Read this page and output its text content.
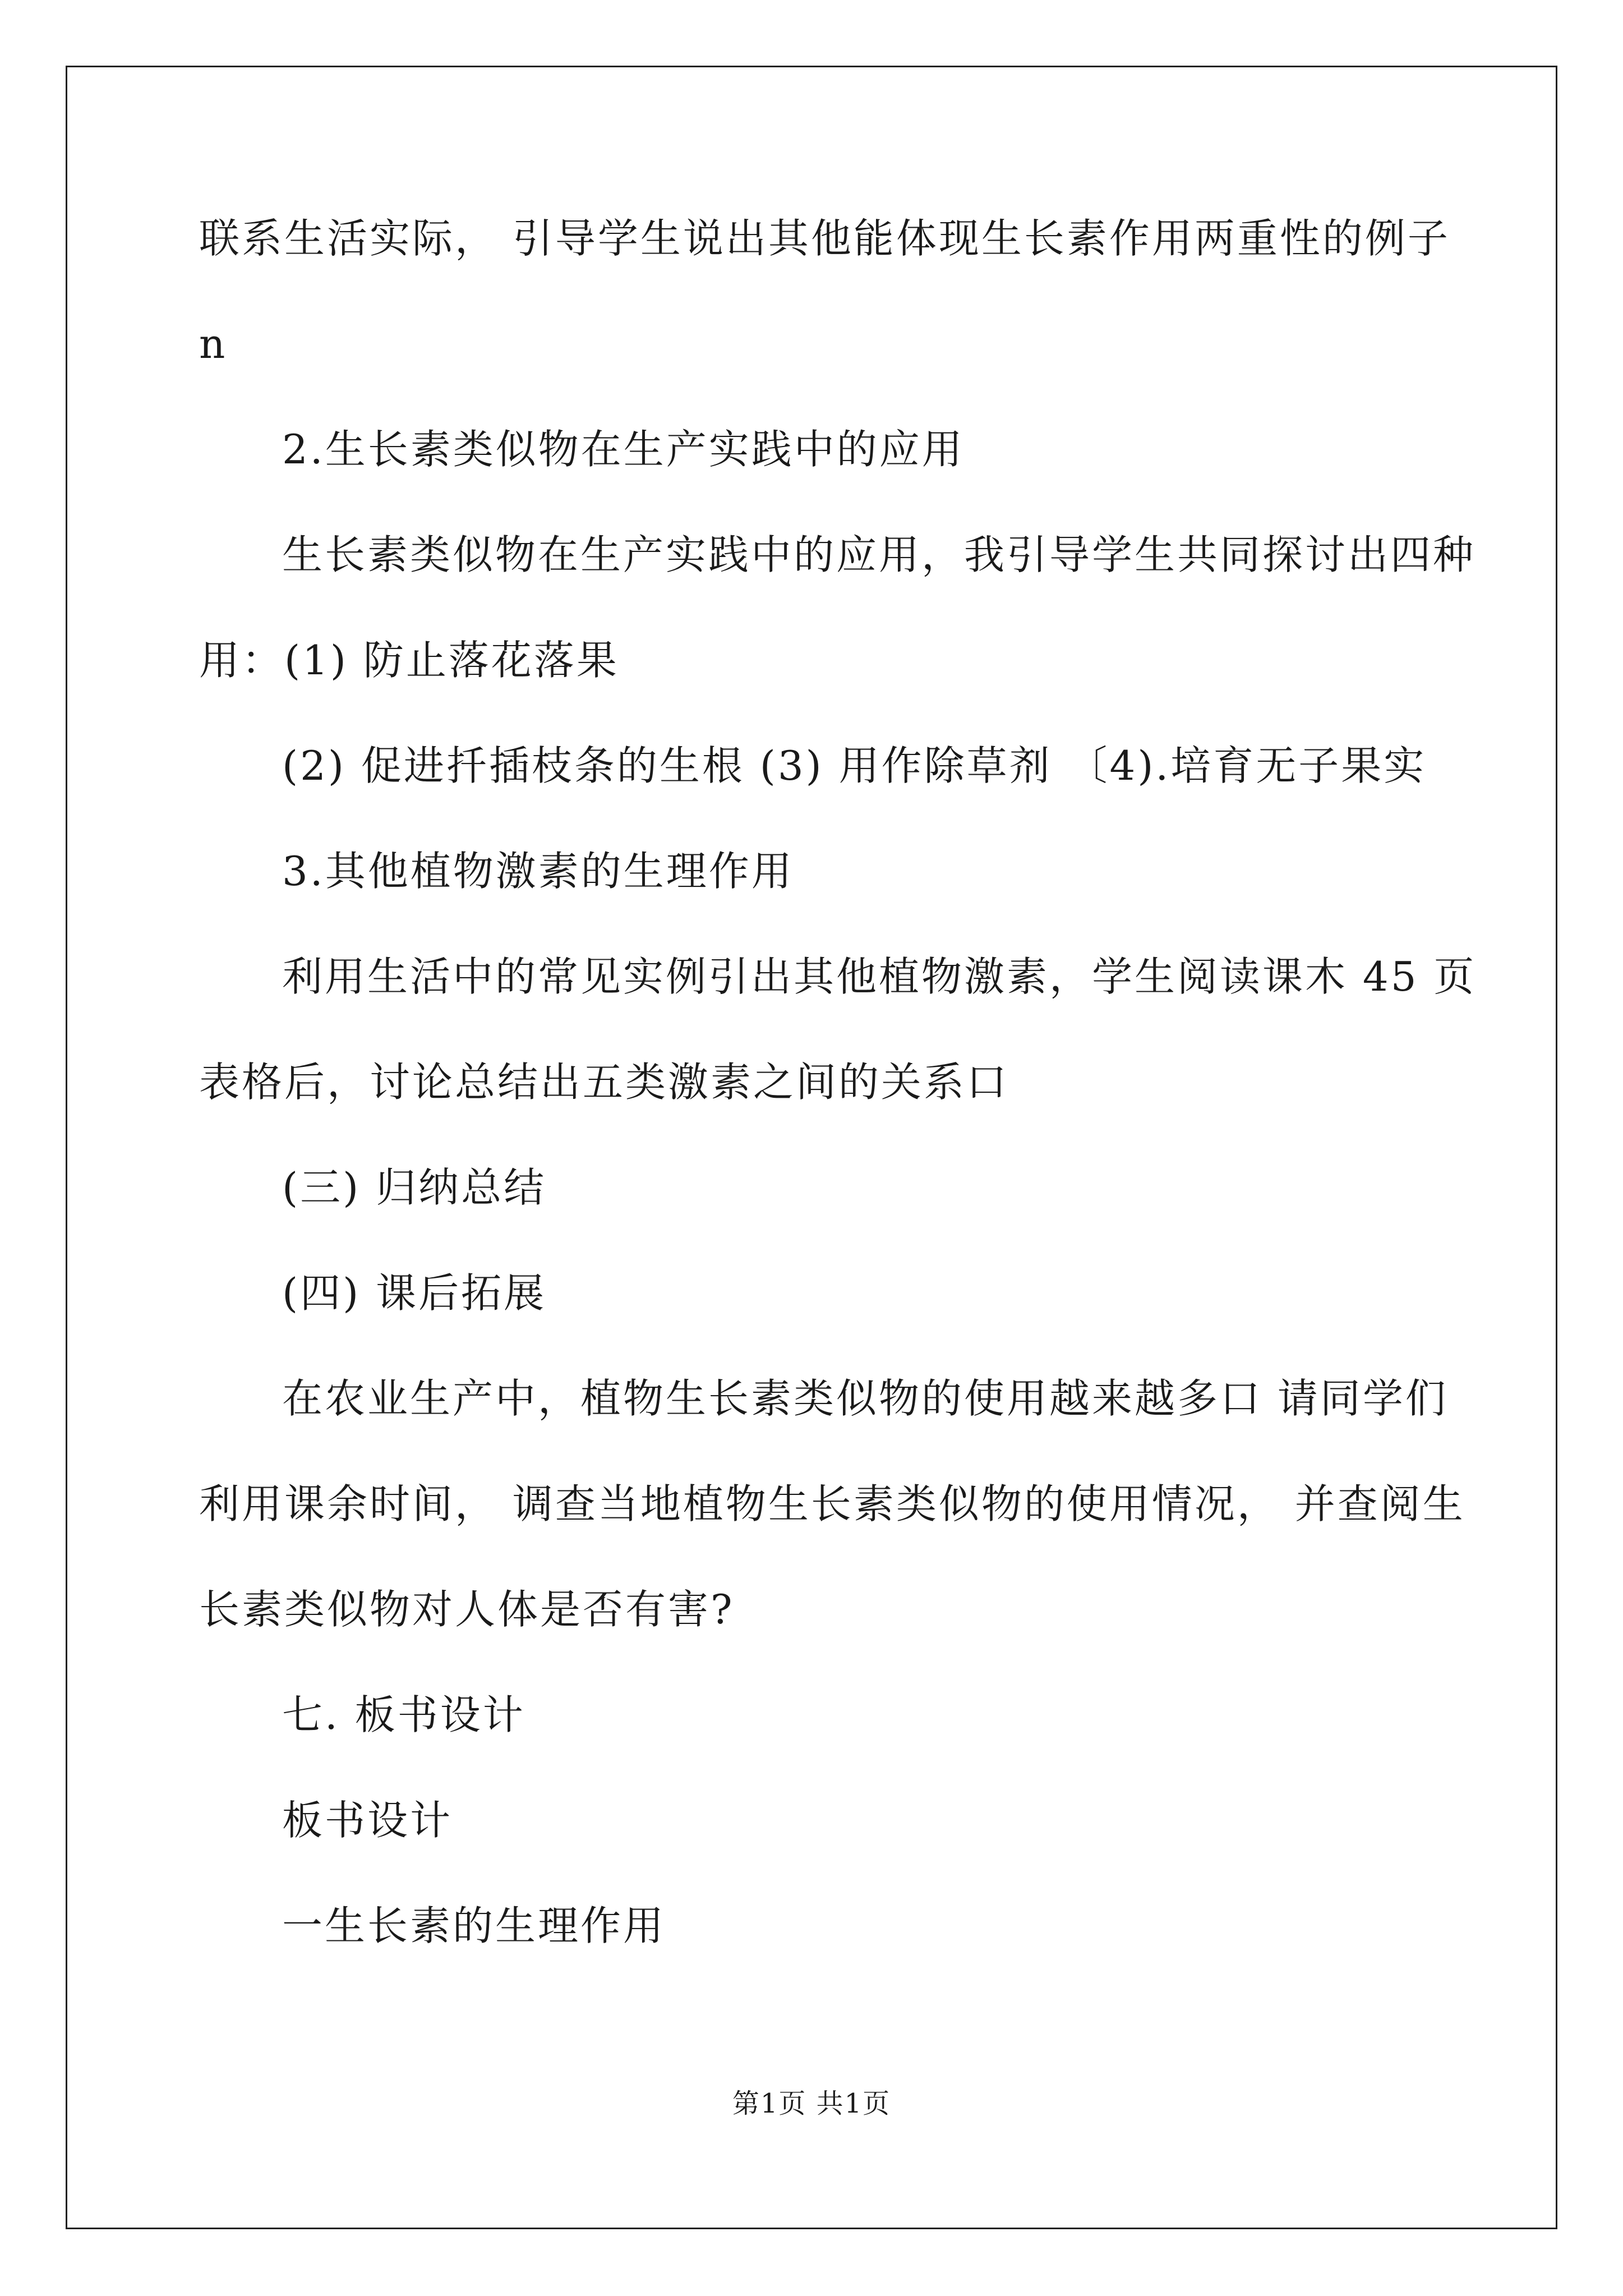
联系生活实际， 引导学生说出其他能体现生长素作用两重性的例子
n
2.生长素类似物在生产实践中的应用
生长素类似物在生产实践中的应用，我引导学生共同探讨出四种
用：(1) 防止落花落果
(2) 促进扦插枝条的生根 (3) 用作除草剂 〔4).培育无子果实
3.其他植物激素的生理作用
利用生活中的常见实例引出其他植物激素，学生阅读课木 45 页
表格后，讨论总结出五类激素之间的关系口
(三) 归纳总结
(四) 课后拓展
在农业生产中，植物生长素类似物的使用越来越多口 请同学们
利用课余时间， 调查当地植物生长素类似物的使用情况， 并查阅生
长素类似物对人体是否有害?
七. 板书设计
板书设计
一生长素的生理作用
第1页 共1页
